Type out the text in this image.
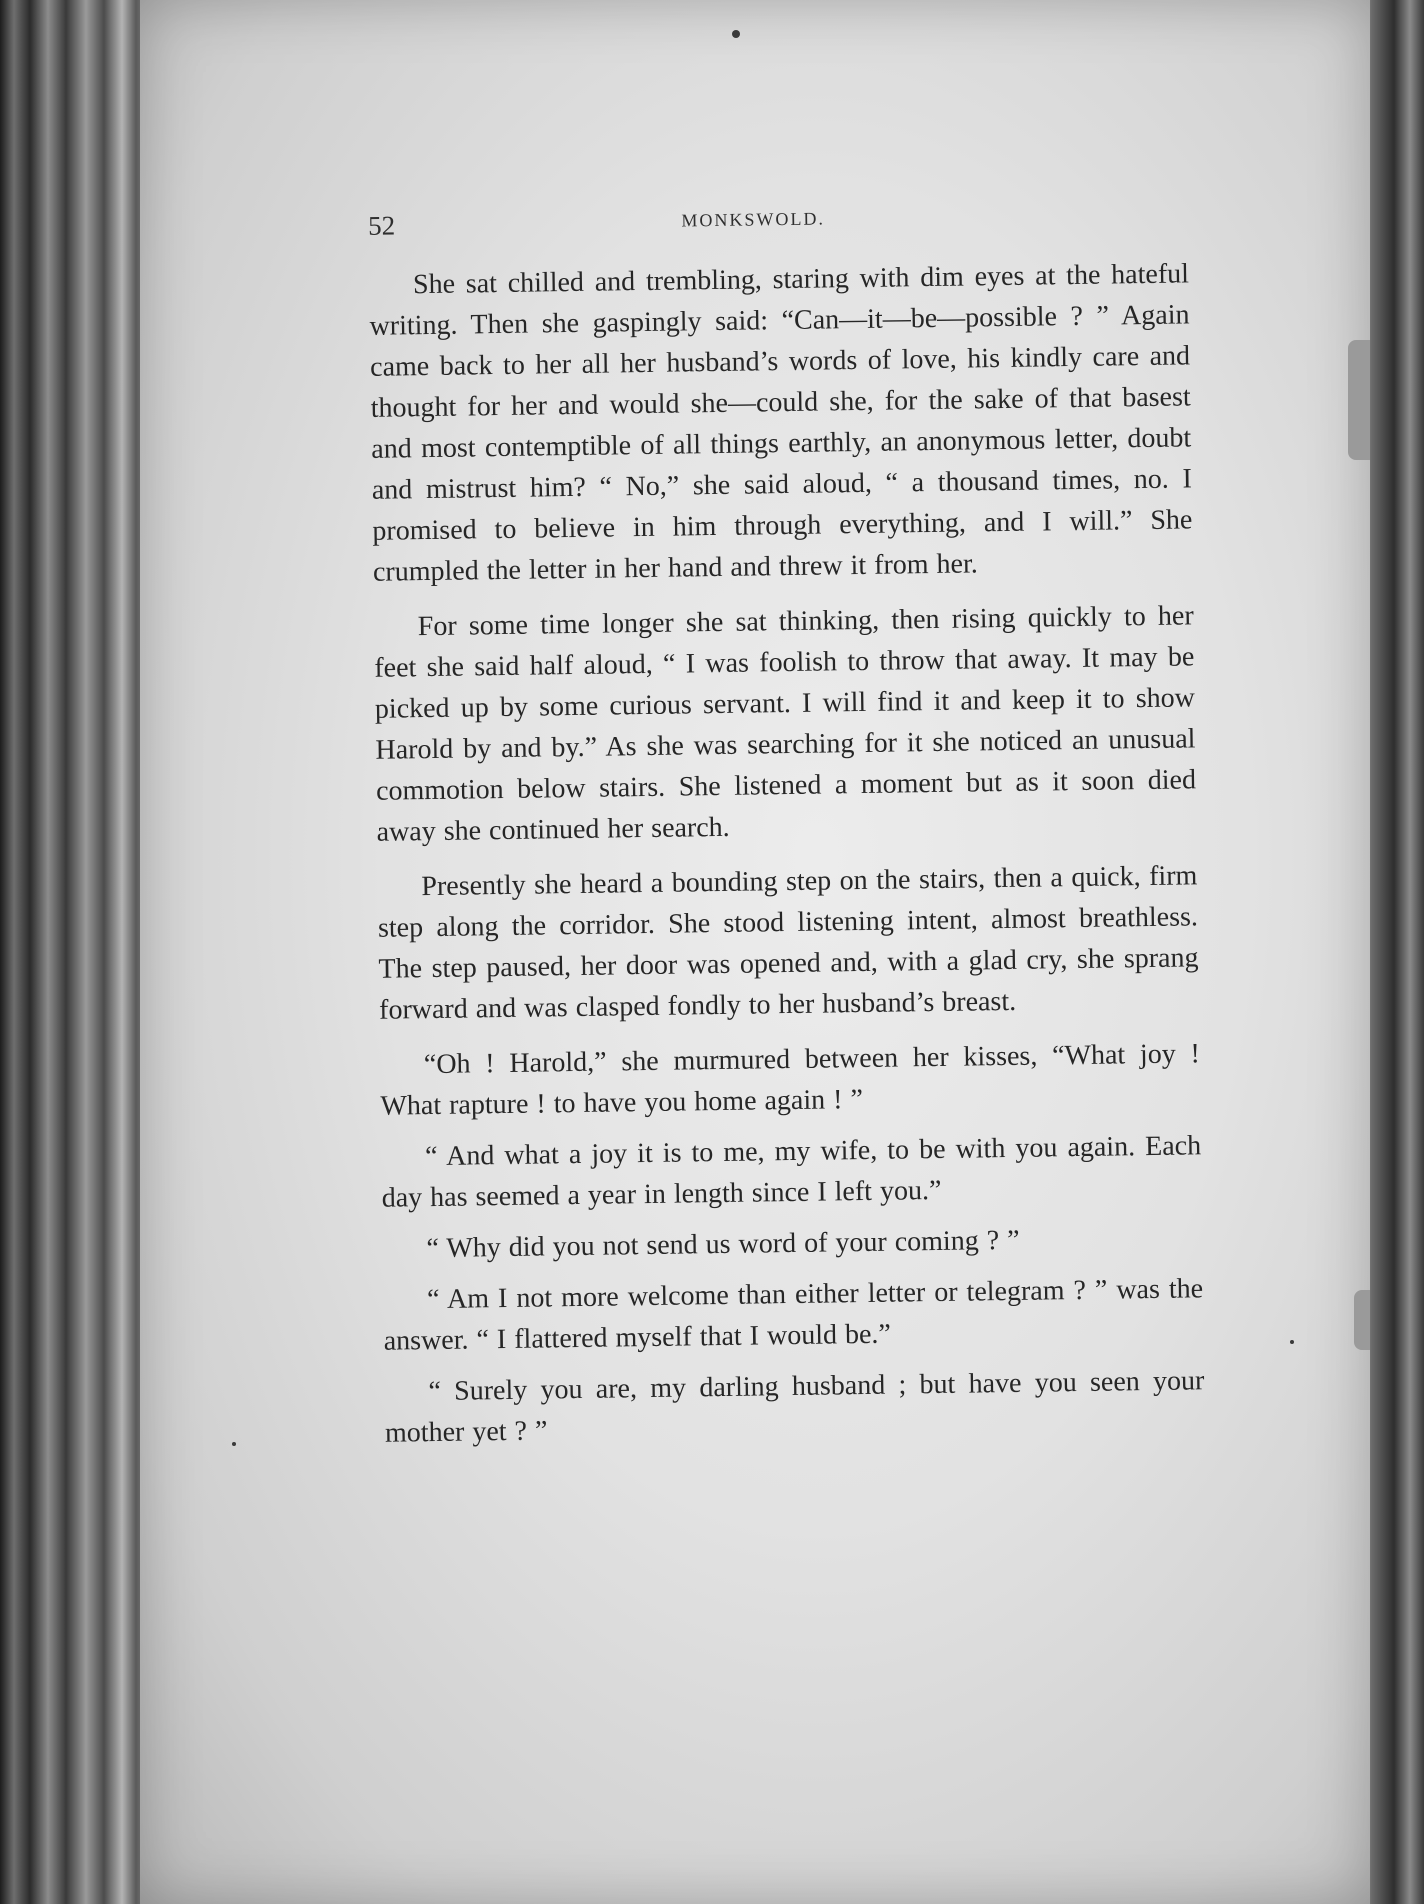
52	MONKSWOLD.

She sat chilled and trembling, staring with dim eyes at the hateful writing. Then she gaspingly said: “Can—it—be—possible ? ” Again came back to her all her husband’s words of love, his kindly care and thought for her and would she—could she, for the sake of that basest and most contemptible of all things earthly, an anonymous letter, doubt and mistrust him? “ No,” she said aloud, “ a thousand times, no. I promised to believe in him through everything, and I will.” She crumpled the letter in her hand and threw it from her.

For some time longer she sat thinking, then rising quickly to her feet she said half aloud, “ I was foolish to throw that away. It may be picked up by some curious servant. I will find it and keep it to show Harold by and by.” As she was searching for it she noticed an unusual commotion below stairs. She listened a moment but as it soon died away she continued her search.

Presently she heard a bounding step on the stairs, then a quick, firm step along the corridor. She stood listening intent, almost breathless. The step paused, her door was opened and, with a glad cry, she sprang forward and was clasped fondly to her husband’s breast.

“Oh ! Harold,” she murmured between her kisses, “What joy ! What rapture ! to have you home again ! ”

“ And what a joy it is to me, my wife, to be with you again. Each day has seemed a year in length since I left you.”

“ Why did you not send us word of your coming ? ”

“ Am I not more welcome than either letter or telegram ? ” was the answer. “ I flattered myself that I would be.”

“ Surely you are, my darling husband ; but have you seen your mother yet ? ”
